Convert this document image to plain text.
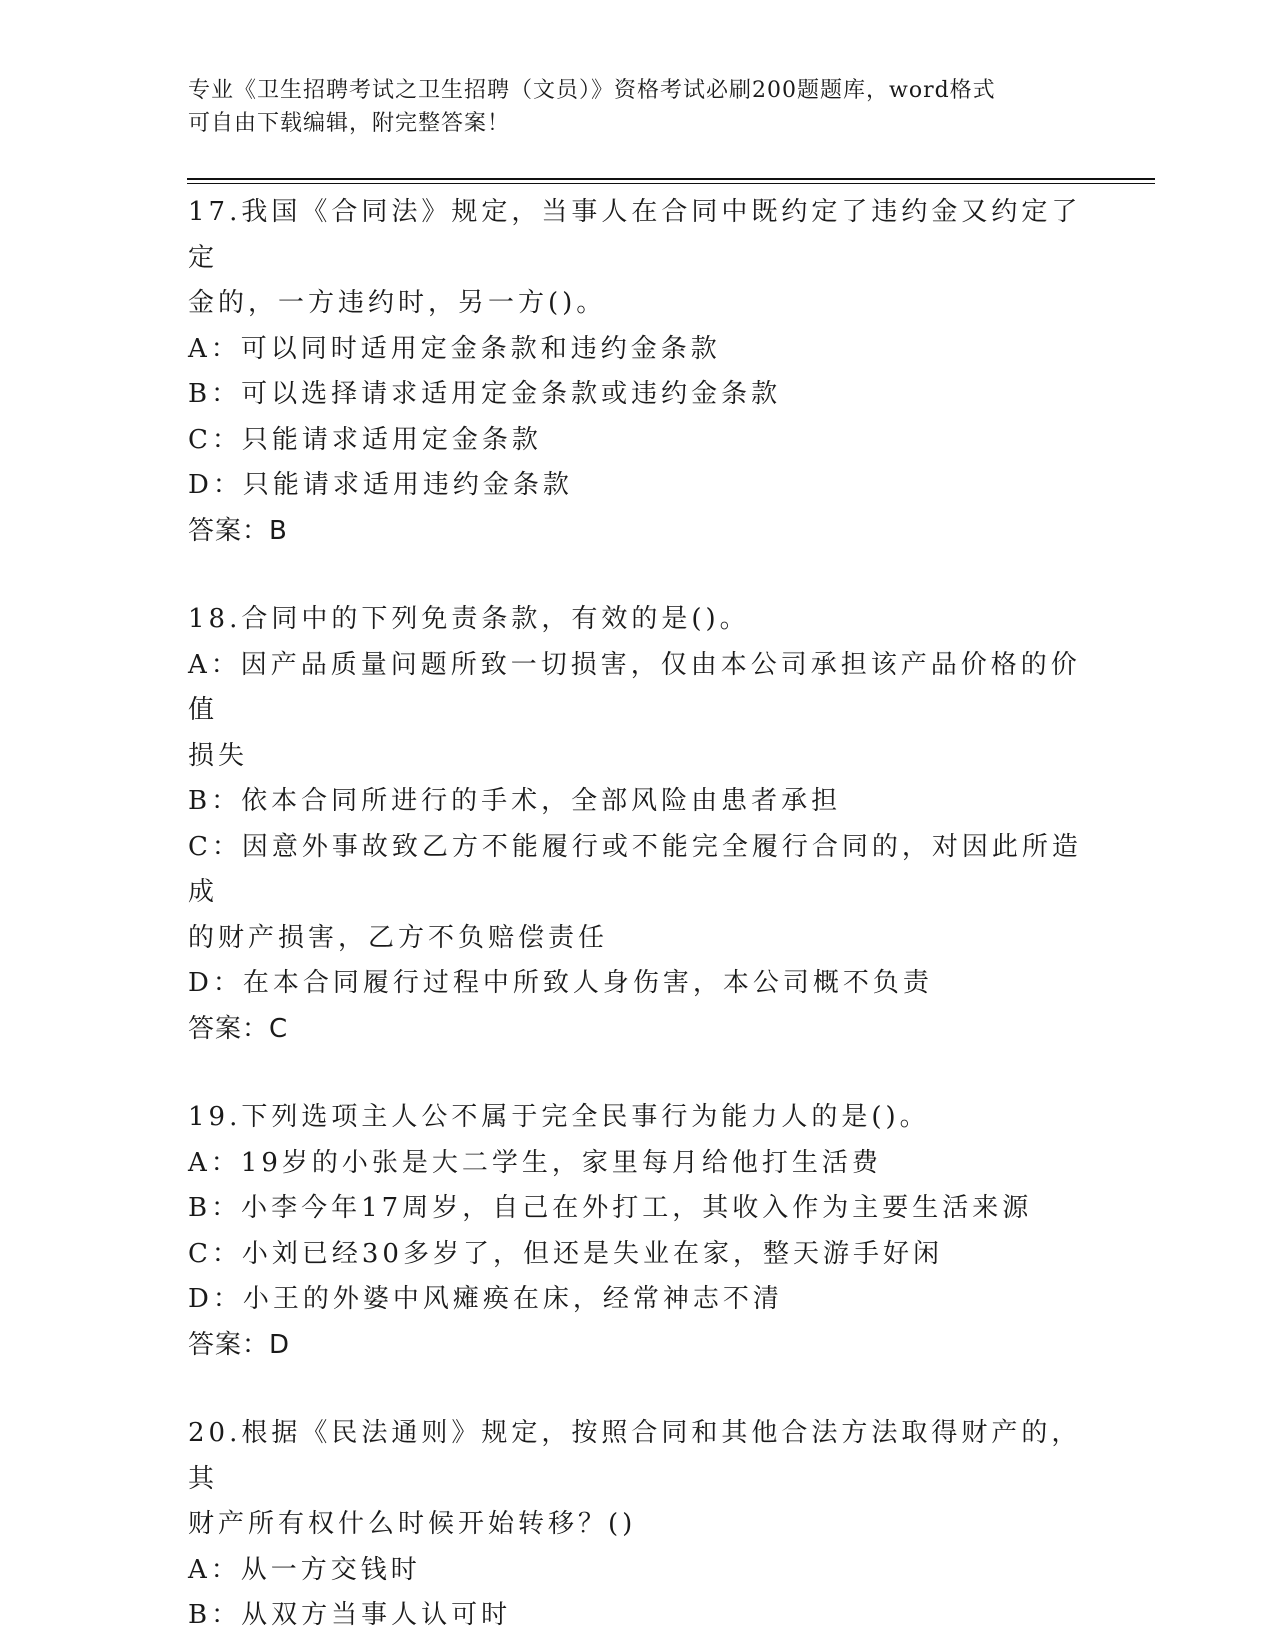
专业《卫生招聘考试之卫生招聘（文员）》资格考试必刷200题题库，word格式
可自由下载编辑，附完整答案！
17.我国《合同法》规定，当事人在合同中既约定了违约金又约定了定
金的，一方违约时，另一方()。
A：可以同时适用定金条款和违约金条款
B：可以选择请求适用定金条款或违约金条款
C：只能请求适用定金条款
D：只能请求适用违约金条款
答案：B
18.合同中的下列免责条款，有效的是()。
A：因产品质量问题所致一切损害，仅由本公司承担该产品价格的价值
损失
B：依本合同所进行的手术，全部风险由患者承担
C：因意外事故致乙方不能履行或不能完全履行合同的，对因此所造成
的财产损害，乙方不负赔偿责任
D：在本合同履行过程中所致人身伤害，本公司概不负责
答案：C
19.下列选项主人公不属于完全民事行为能力人的是()。
A：19岁的小张是大二学生，家里每月给他打生活费
B：小李今年17周岁，自己在外打工，其收入作为主要生活来源
C：小刘已经30多岁了，但还是失业在家，整天游手好闲
D：小王的外婆中风瘫痪在床，经常神志不清
答案：D
20.根据《民法通则》规定，按照合同和其他合法方法取得财产的，其
财产所有权什么时候开始转移？()
A：从一方交钱时
B：从双方当事人认可时
